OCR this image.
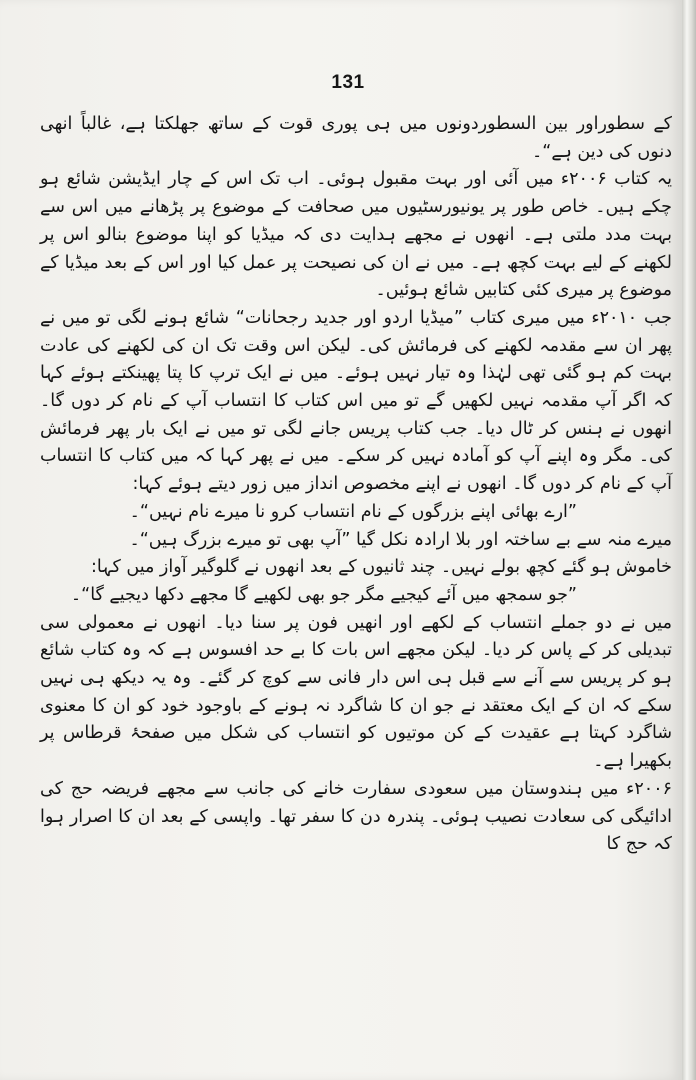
131

کے سطوراور بین السطوردونوں میں ہی پوری قوت کے ساتھ جھلکتا ہے، غالباً انھی دنوں کی دین ہے“۔

یہ کتاب ۲۰۰۶ء میں آئی اور بہت مقبول ہوئی۔ اب تک اس کے چار ایڈیشن شائع ہو چکے ہیں۔ خاص طور پر یونیورسٹیوں میں صحافت کے موضوع پر پڑھانے میں اس سے بہت مدد ملتی ہے۔ انھوں نے مجھے ہدایت دی کہ میڈیا کو اپنا موضوع بنالو اس پر لکھنے کے لیے بہت کچھ ہے۔ میں نے ان کی نصیحت پر عمل کیا اور اس کے بعد میڈیا کے موضوع پر میری کئی کتابیں شائع ہوئیں۔

جب ۲۰۱۰ء میں میری کتاب ”میڈیا اردو اور جدید رجحانات“ شائع ہونے لگی تو میں نے پھر ان سے مقدمہ لکھنے کی فرمائش کی۔ لیکن اس وقت تک ان کی لکھنے کی عادت بہت کم ہو گئی تھی لہٰذا وہ تیار نہیں ہوئے۔ میں نے ایک ترپ کا پتا پھینکتے ہوئے کہا کہ اگر آپ مقدمہ نہیں لکھیں گے تو میں اس کتاب کا انتساب آپ کے نام کر دوں گا۔ انھوں نے ہنس کر ٹال دیا۔ جب کتاب پریس جانے لگی تو میں نے ایک بار پھر فرمائش کی۔ مگر وہ اپنے آپ کو آمادہ نہیں کر سکے۔ میں نے پھر کہا کہ میں کتاب کا انتساب آپ کے نام کر دوں گا۔ انھوں نے اپنے مخصوص انداز میں زور دیتے ہوئے کہا:

”ارے بھائی اپنے بزرگوں کے نام انتساب کرو نا میرے نام نہیں“۔

میرے منہ سے بے ساختہ اور بلا ارادہ نکل گیا ”آپ بھی تو میرے بزرگ ہیں“۔

خاموش ہو گئے کچھ بولے نہیں۔ چند ثانیوں کے بعد انھوں نے گلوگیر آواز میں کہا:

”جو سمجھ میں آئے کیجیے مگر جو بھی لکھیے گا مجھے دکھا دیجیے گا“۔

میں نے دو جملے انتساب کے لکھے اور انھیں فون پر سنا دیا۔ انھوں نے معمولی سی تبدیلی کر کے پاس کر دیا۔ لیکن مجھے اس بات کا بے حد افسوس ہے کہ وہ کتاب شائع ہو کر پریس سے آنے سے قبل ہی اس دار فانی سے کوچ کر گئے۔ وہ یہ دیکھ ہی نہیں سکے کہ ان کے ایک معتقد نے جو ان کا شاگرد نہ ہونے کے باوجود خود کو ان کا معنوی شاگرد کہتا ہے عقیدت کے کن موتیوں کو انتساب کی شکل میں صفحۂ قرطاس پر بکھیرا ہے۔

۲۰۰۶ء میں ہندوستان میں سعودی سفارت خانے کی جانب سے مجھے فریضہ حج کی ادائیگی کی سعادت نصیب ہوئی۔ پندرہ دن کا سفر تھا۔ واپسی کے بعد ان کا اصرار ہوا کہ حج کا
